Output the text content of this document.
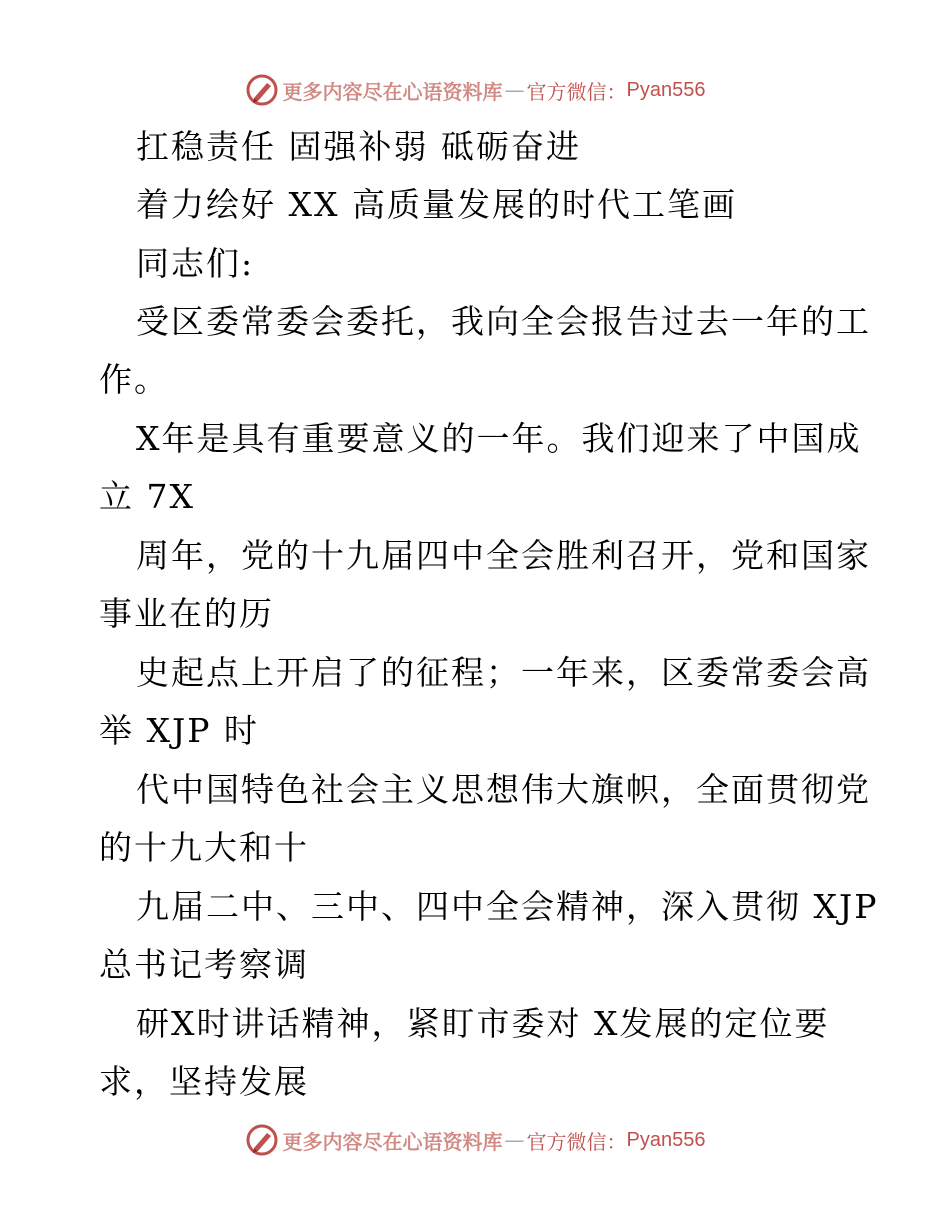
更多内容尽在心语资料库 — 官方微信： Pyan556
扛稳责任 固强补弱 砥砺奋进
着力绘好 XX 高质量发展的时代工笔画
同志们:
受区委常委会委托，我向全会报告过去一年的工
作。
X年是具有重要意义的一年。我们迎来了中国成
立 7X
周年，党的十九届四中全会胜利召开，党和国家
事业在的历
史起点上开启了的征程；一年来，区委常委会高
举 XJP 时
代中国特色社会主义思想伟大旗帜，全面贯彻党
的十九大和十
九届二中、三中、四中全会精神，深入贯彻 XJP
总书记考察调
研X时讲话精神，紧盯市委对 X发展的定位要
求，坚持发展
更多内容尽在心语资料库 — 官方微信： Pyan556
